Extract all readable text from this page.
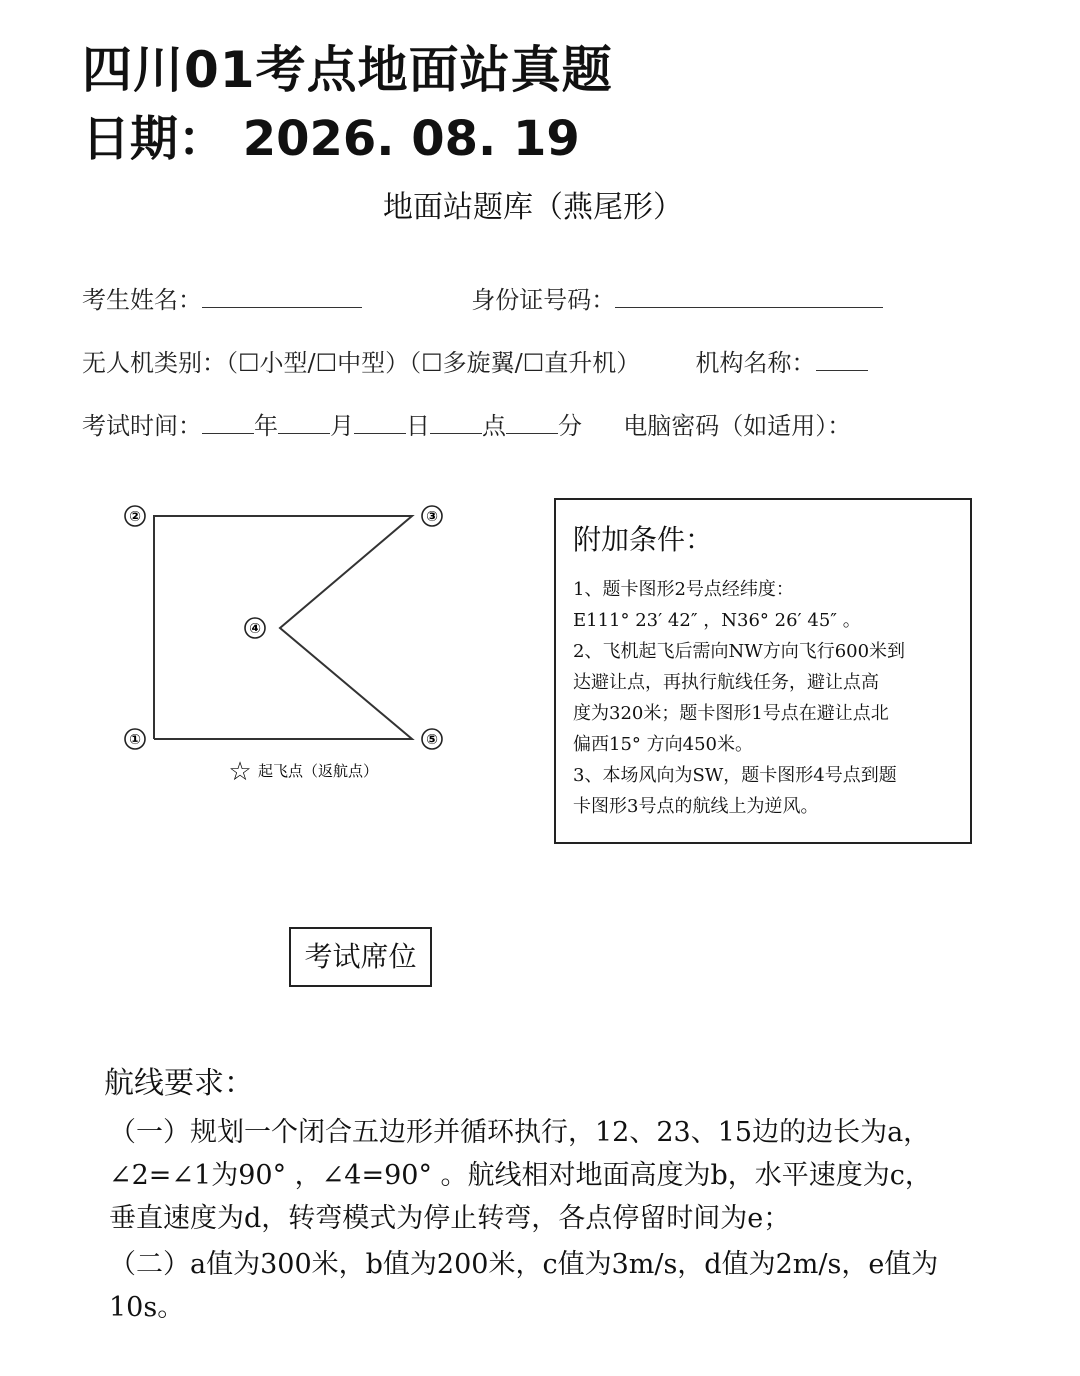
四川01考点地面站真题
日期： 2026. 08. 19
地面站题库（燕尾形）
考生姓名：	身份证号码：
无人机类别：（☐小型/☐中型）（☐多旋翼/☐直升机） 机构名称：
考试时间： 年 月 日 点 分 电脑密码（如适用）：
①
②	③
④
⑤
☆ 起飞点（返航点）
附加条件：
1、题卡图形2号点经纬度：
E111° 23′ 42″ ，N36° 26′ 45″ 。
2、飞机起飞后需向NW方向飞行600米到
达避让点，再执行航线任务，避让点高
度为320米；题卡图形1号点在避让点北
偏西15° 方向450米。
3、本场风向为SW，题卡图形4号点到题
卡图形3号点的航线上为逆风。
考试席位
航线要求：
（一）规划一个闭合五边形并循环执行，12、23、15边的边长为a，
∠2=∠1为90° ，∠4=90° 。航线相对地面高度为b，水平速度为c，
垂直速度为d，转弯模式为停止转弯，各点停留时间为e；
（二）a值为300米，b值为200米，c值为3m/s，d值为2m/s，e值为
10s。
